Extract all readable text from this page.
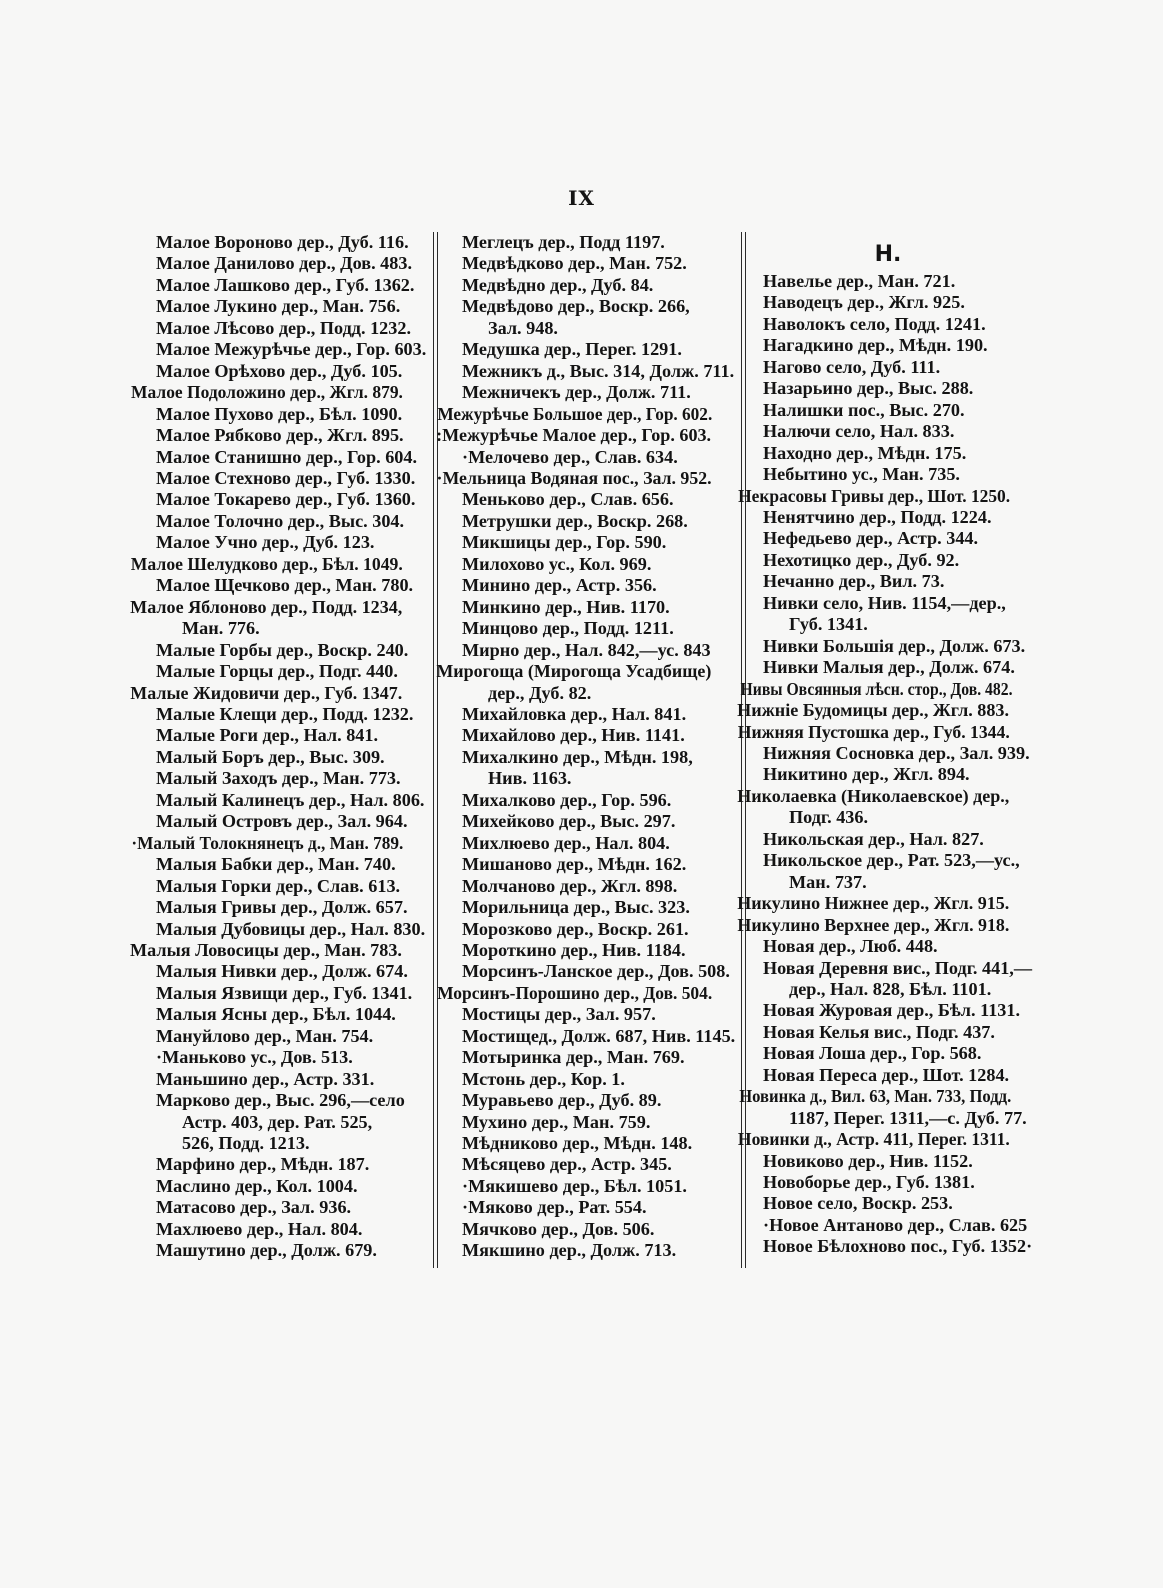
IX
Малое Вороново дер., Дуб. 116.
Малое Данилово дер., Дов. 483.
Малое Лашково дер., Губ. 1362.
Малое Лукино дер., Ман. 756.
Малое Лѣсово дер., Подд. 1232.
Малое Межурѣчье дер., Гор. 603.
Малое Орѣхово дер., Дуб. 105.
Малое Подоложино дер., Жгл. 879.
Малое Пухово дер., Бѣл. 1090.
Малое Рябково дер., Жгл. 895.
Малое Станишно дер., Гор. 604.
Малое Стехново дер., Губ. 1330.
Малое Токарево дер., Губ. 1360.
Малое Толочно дер., Выс. 304.
Малое Учно дер., Дуб. 123.
Малое Шелудково дер., Бѣл. 1049.
Малое Щечково дер., Ман. 780.
Малое Яблоново дер., Подд. 1234,
Ман. 776.
Малые Горбы дер., Воскр. 240.
Малые Горцы дер., Подг. 440.
Малые Жидовичи дер., Губ. 1347.
Малые Клещи дер., Подд. 1232.
Малые Роги дер., Нал. 841.
Малый Боръ дер., Выс. 309.
Малый Заходъ дер., Ман. 773.
Малый Калинецъ дер., Нал. 806.
Малый Островъ дер., Зал. 964.
·Малый Толокнянецъ д., Ман. 789.
Малыя Бабки дер., Ман. 740.
Малыя Горки дер., Слав. 613.
Малыя Гривы дер., Долж. 657.
Малыя Дубовицы дер., Нал. 830.
Малыя Ловосицы дер., Ман. 783.
Малыя Нивки дер., Долж. 674.
Малыя Язвищи дер., Губ. 1341.
Малыя Ясны дер., Бѣл. 1044.
Мануйлово дер., Ман. 754.
·Маньково ус., Дов. 513.
Маньшино дер., Астр. 331.
Марково дер., Выс. 296,—село
Астр. 403, дер. Рат. 525,
526, Подд. 1213.
Марфино дер., Мѣдн. 187.
Маслино дер., Кол. 1004.
Матасово дер., Зал. 936.
Махлюево дер., Нал. 804.
Машутино дер., Долж. 679.
Меглецъ дер., Подд 1197.
Медвѣдково дер., Ман. 752.
Медвѣдно дер., Дуб. 84.
Медвѣдово дер., Воскр. 266,
Зал. 948.
Медушка дер., Перег. 1291.
Межникъ д., Выс. 314, Долж. 711.
Межничекъ дер., Долж. 711.
Межурѣчье Большое дер., Гор. 602.
:Межурѣчье Малое дер., Гор. 603.
·Мелочево дер., Слав. 634.
·Мельница Водяная пос., Зал. 952.
Меньково дер., Слав. 656.
Метрушки дер., Воскр. 268.
Микшицы дер., Гор. 590.
Милохово ус., Кол. 969.
Минино дер., Астр. 356.
Минкино дер., Нив. 1170.
Минцово дер., Подд. 1211.
Мирно дер., Нал. 842,—ус. 843
Мирогоща (Мирогоща Усадбище)
дер., Дуб. 82.
Михайловка дер., Нал. 841.
Михайлово дер., Нив. 1141.
Михалкино дер., Мѣдн. 198,
Нив. 1163.
Михалково дер., Гор. 596.
Михейково дер., Выс. 297.
Михлюево дер., Нал. 804.
Мишаново дер., Мѣдн. 162.
Молчаново дер., Жгл. 898.
Морильница дер., Выс. 323.
Морозково дер., Воскр. 261.
Мороткино дер., Нив. 1184.
Морсинъ-Ланское дер., Дов. 508.
Морсинъ-Порошино дер., Дов. 504.
Мостицы дер., Зал. 957.
Мостищед., Долж. 687, Нив. 1145.
Мотыринка дер., Ман. 769.
Мстонь дер., Кор. 1.
Муравьево дер., Дуб. 89.
Мухино дер., Ман. 759.
Мѣдниково дер., Мѣдн. 148.
Мѣсяцево дер., Астр. 345.
·Мякишево дер., Бѣл. 1051.
·Мяково дер., Рат. 554.
Мячково дер., Дов. 506.
Мякшино дер., Долж. 713.
Н.
Навелье дер., Ман. 721.
Наводецъ дер., Жгл. 925.
Наволокъ село, Подд. 1241.
Нагадкино дер., Мѣдн. 190.
Нагово село, Дуб. 111.
Назарьино дер., Выс. 288.
Налишки пос., Выс. 270.
Налючи село, Нал. 833.
Находно дер., Мѣдн. 175.
Небытино ус., Ман. 735.
Некрасовы Гривы дер., Шот. 1250.
Ненятчино дер., Подд. 1224.
Нефедьево дер., Астр. 344.
Нехотицко дер., Дуб. 92.
Нечанно дер., Вил. 73.
Нивки село, Нив. 1154,—дер.,
Губ. 1341.
Нивки Большія дер., Долж. 673.
Нивки Малыя дер., Долж. 674.
Нивы Овсянныя лѣсн. стор., Дов. 482.
Нижніе Будомицы дер., Жгл. 883.
Нижняя Пустошка дер., Губ. 1344.
Нижняя Сосновка дер., Зал. 939.
Никитино дер., Жгл. 894.
Николаевка (Николаевское) дер.,
Подг. 436.
Никольская дер., Нал. 827.
Никольское дер., Рат. 523,—ус.,
Ман. 737.
Никулино Нижнее дер., Жгл. 915.
Никулино Верхнее дер., Жгл. 918.
Новая дер., Люб. 448.
Новая Деревня вис., Подг. 441,—
дер., Нал. 828, Бѣл. 1101.
Новая Журовая дер., Бѣл. 1131.
Новая Келья вис., Подг. 437.
Новая Лоша дер., Гор. 568.
Новая Переса дер., Шот. 1284.
Новинка д., Вил. 63, Ман. 733, Подд.
1187, Перег. 1311,—с. Дуб. 77.
Новинки д., Астр. 411, Перег. 1311.
Новиково дер., Нив. 1152.
Новоборье дер., Губ. 1381.
Новое село, Воскр. 253.
·Новое Антаново дер., Слав. 625
Новое Бѣлохново пос., Губ. 1352·
